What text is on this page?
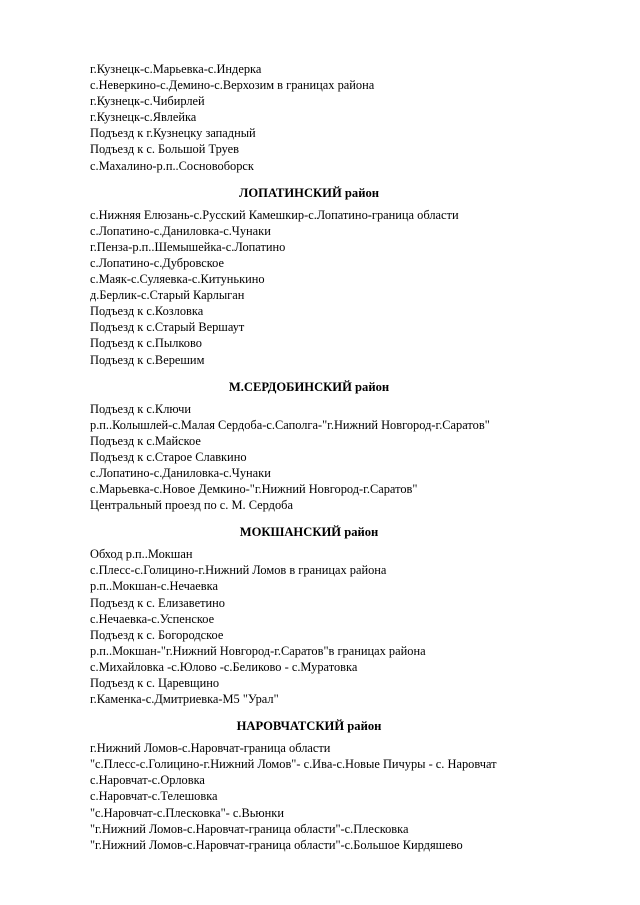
г.Кузнецк-с.Марьевка-с.Индерка
с.Неверкино-с.Демино-с.Верхозим в границах района
г.Кузнецк-с.Чибирлей
г.Кузнецк-с.Явлейка
Подъезд к г.Кузнецку западный
Подъезд к с. Большой Труев
с.Махалино-р.п..Сосновоборск
ЛОПАТИНСКИЙ район
с.Нижняя Елюзань-с.Русский Камешкир-с.Лопатино-граница области
с.Лопатино-с.Даниловка-с.Чунаки
г.Пенза-р.п..Шемышейка-с.Лопатино
с.Лопатино-с.Дубровское
с.Маяк-с.Суляевка-с.Китунькино
д.Берлик-с.Старый Карлыган
Подъезд к с.Козловка
Подъезд к с.Старый Вершаут
Подъезд к с.Пылково
Подъезд к с.Верешим
М.СЕРДОБИНСКИЙ район
Подъезд к с.Ключи
р.п..Колышлей-с.Малая Сердоба-с.Саполга-"г.Нижний Новгород-г.Саратов"
Подъезд к с.Майское
Подъезд к с.Старое Славкино
с.Лопатино-с.Даниловка-с.Чунаки
с.Марьевка-с.Новое Демкино-"г.Нижний Новгород-г.Саратов"
Центральный проезд по с. М. Сердоба
МОКШАНСКИЙ район
Обход р.п..Мокшан
с.Плесс-с.Голицино-г.Нижний Ломов в границах района
р.п..Мокшан-с.Нечаевка
Подъезд к с. Елизаветино
с.Нечаевка-с.Успенское
Подъезд к с. Богородское
р.п..Мокшан-"г.Нижний Новгород-г.Саратов"в границах района
с.Михайловка -с.Юлово -с.Беликово - с.Муратовка
Подъезд к с. Царевщино
г.Каменка-с.Дмитриевка-М5 "Урал"
НАРОВЧАТСКИЙ район
г.Нижний Ломов-с.Наровчат-граница области
"с.Плесс-с.Голицино-г.Нижний Ломов"- с.Ива-с.Новые Пичуры - с. Наровчат
с.Наровчат-с.Орловка
с.Наровчат-с.Телешовка
"с.Наровчат-с.Плесковка"- с.Вьюнки
"г.Нижний Ломов-с.Наровчат-граница области"-с.Плесковка
"г.Нижний Ломов-с.Наровчат-граница области"-с.Большое Кирдяшево
